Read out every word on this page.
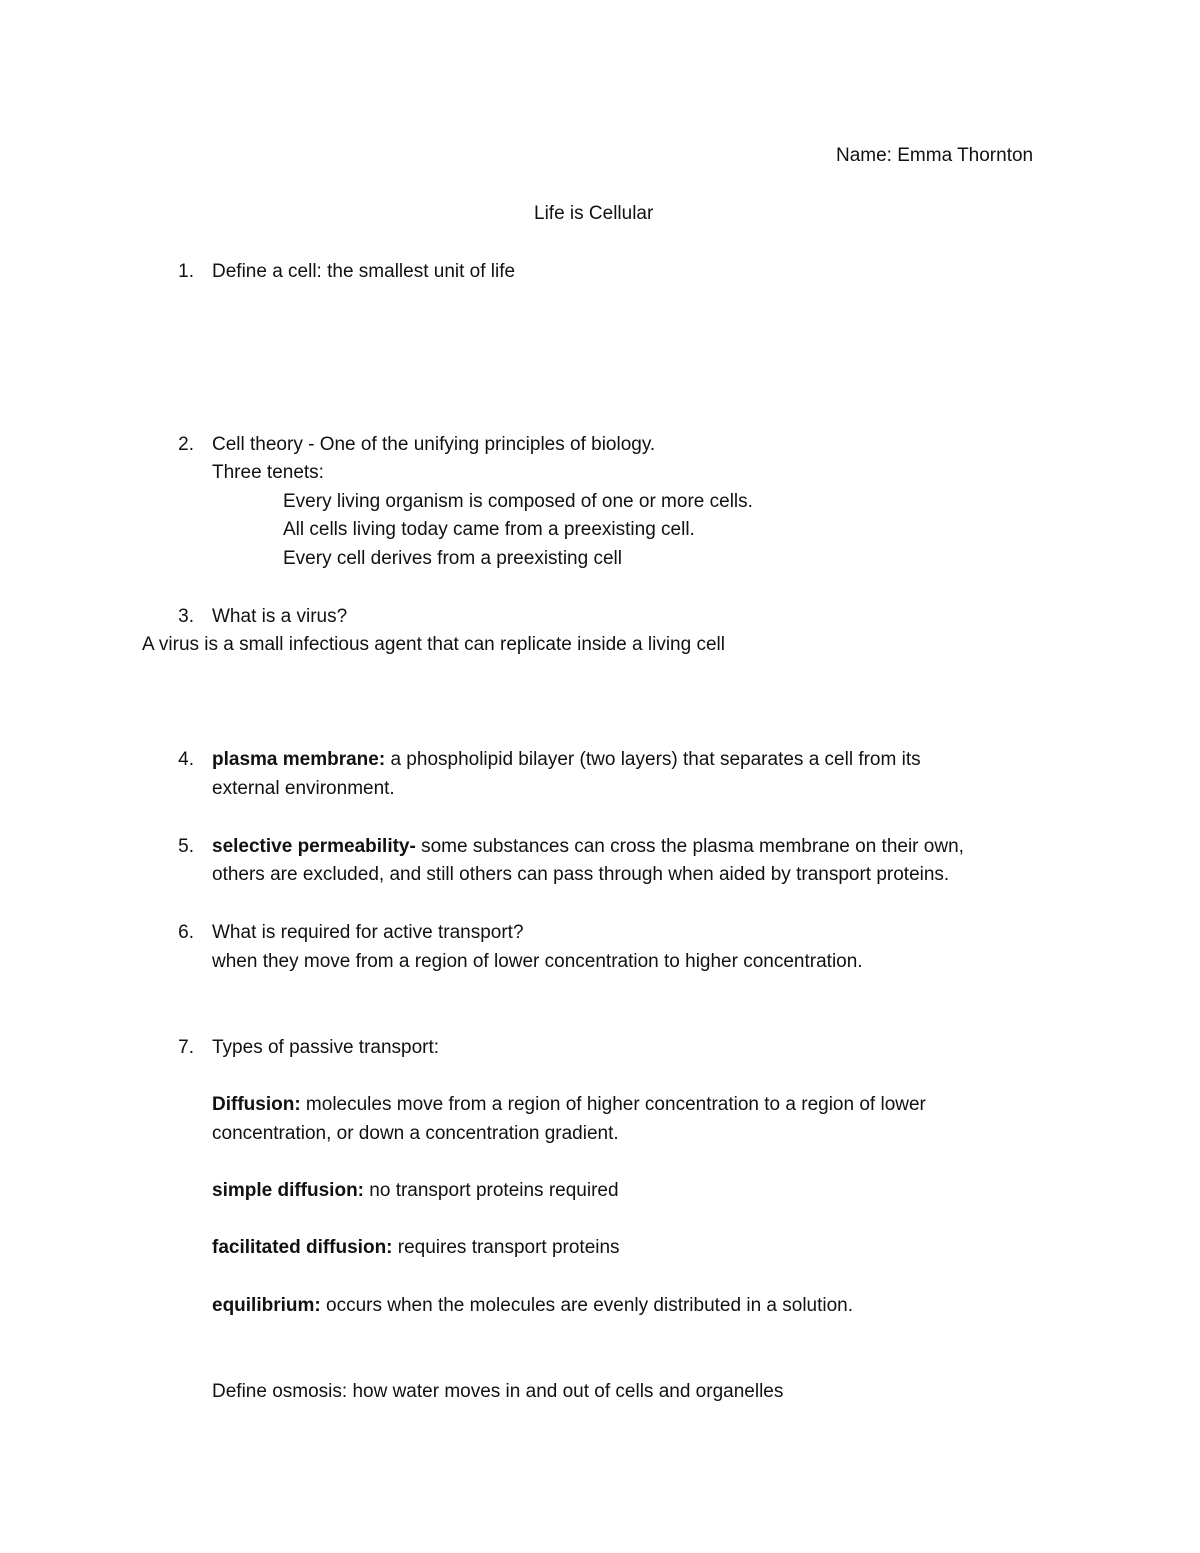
Name: Emma Thornton
Life is Cellular
1. Define a cell: the smallest unit of life
2. Cell theory - One of the unifying principles of biology.
Three tenets:
Every living organism is composed of one or more cells.
All cells living today came from a preexisting cell.
Every cell derives from a preexisting cell
3. What is a virus?
A virus is a small infectious agent that can replicate inside a living cell
4. plasma membrane: a phospholipid bilayer (two layers) that separates a cell from its
external environment.
5. selective permeability- some substances can cross the plasma membrane on their own,
others are excluded, and still others can pass through when aided by transport proteins.
6. What is required for active transport?
when they move from a region of lower concentration to higher concentration.
7. Types of passive transport:
Diffusion: molecules move from a region of higher concentration to a region of lower
concentration, or down a concentration gradient.
simple diffusion: no transport proteins required
facilitated diffusion: requires transport proteins
equilibrium: occurs when the molecules are evenly distributed in a solution.
Define osmosis: how water moves in and out of cells and organelles
